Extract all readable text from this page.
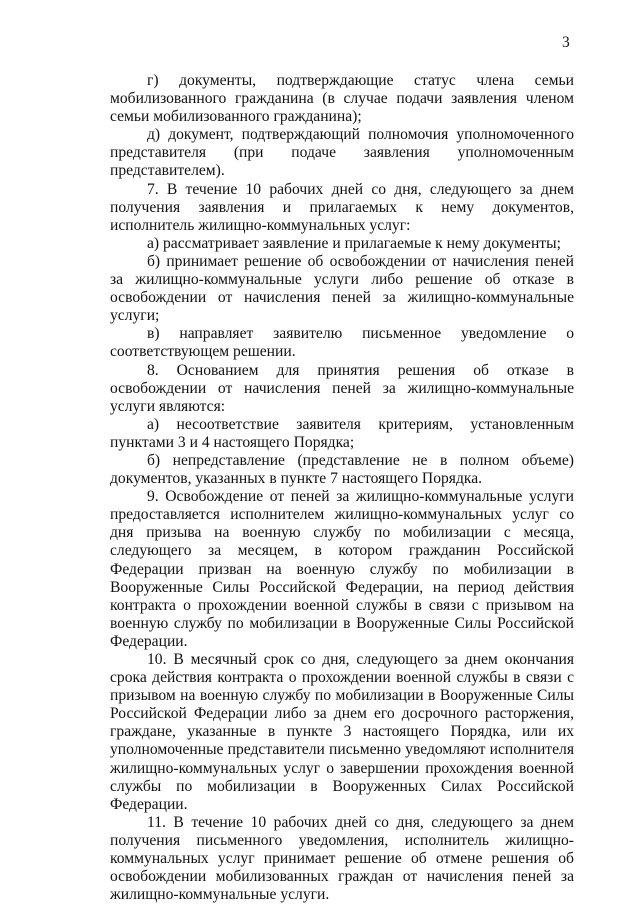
3

г) документы, подтверждающие статус члена семьи мобилизованного гражданина (в случае подачи заявления членом семьи мобилизованного гражданина);

д) документ, подтверждающий полномочия уполномоченного представителя (при подаче заявления уполномоченным представителем).

7. В течение 10 рабочих дней со дня, следующего за днем получения заявления и прилагаемых к нему документов, исполнитель жилищно-коммунальных услуг:

а) рассматривает заявление и прилагаемые к нему документы;

б) принимает решение об освобождении от начисления пеней за жилищно-коммунальные услуги либо решение об отказе в освобождении от начисления пеней за жилищно-коммунальные услуги;

в) направляет заявителю письменное уведомление о соответствующем решении.

8. Основанием для принятия решения об отказе в освобождении от начисления пеней за жилищно-коммунальные услуги являются:

а) несоответствие заявителя критериям, установленным пунктами 3 и 4 настоящего Порядка;

б) непредставление (представление не в полном объеме) документов, указанных в пункте 7 настоящего Порядка.

9. Освобождение от пеней за жилищно-коммунальные услуги предоставляется исполнителем жилищно-коммунальных услуг со дня призыва на военную службу по мобилизации с месяца, следующего за месяцем, в котором гражданин Российской Федерации призван на военную службу по мобилизации в Вооруженные Силы Российской Федерации, на период действия контракта о прохождении военной службы в связи с призывом на военную службу по мобилизации в Вооруженные Силы Российской Федерации.

10. В месячный срок со дня, следующего за днем окончания срока действия контракта о прохождении военной службы в связи с призывом на военную службу по мобилизации в Вооруженные Силы Российской Федерации либо за днем его досрочного расторжения, граждане, указанные в пункте 3 настоящего Порядка, или их уполномоченные представители письменно уведомляют исполнителя жилищно-коммунальных услуг о завершении прохождения военной службы по мобилизации в Вооруженных Силах Российской Федерации.

11. В течение 10 рабочих дней со дня, следующего за днем получения письменного уведомления, исполнитель жилищно-коммунальных услуг принимает решение об отмене решения об освобождении мобилизованных граждан от начисления пеней за жилищно-коммунальные услуги.
